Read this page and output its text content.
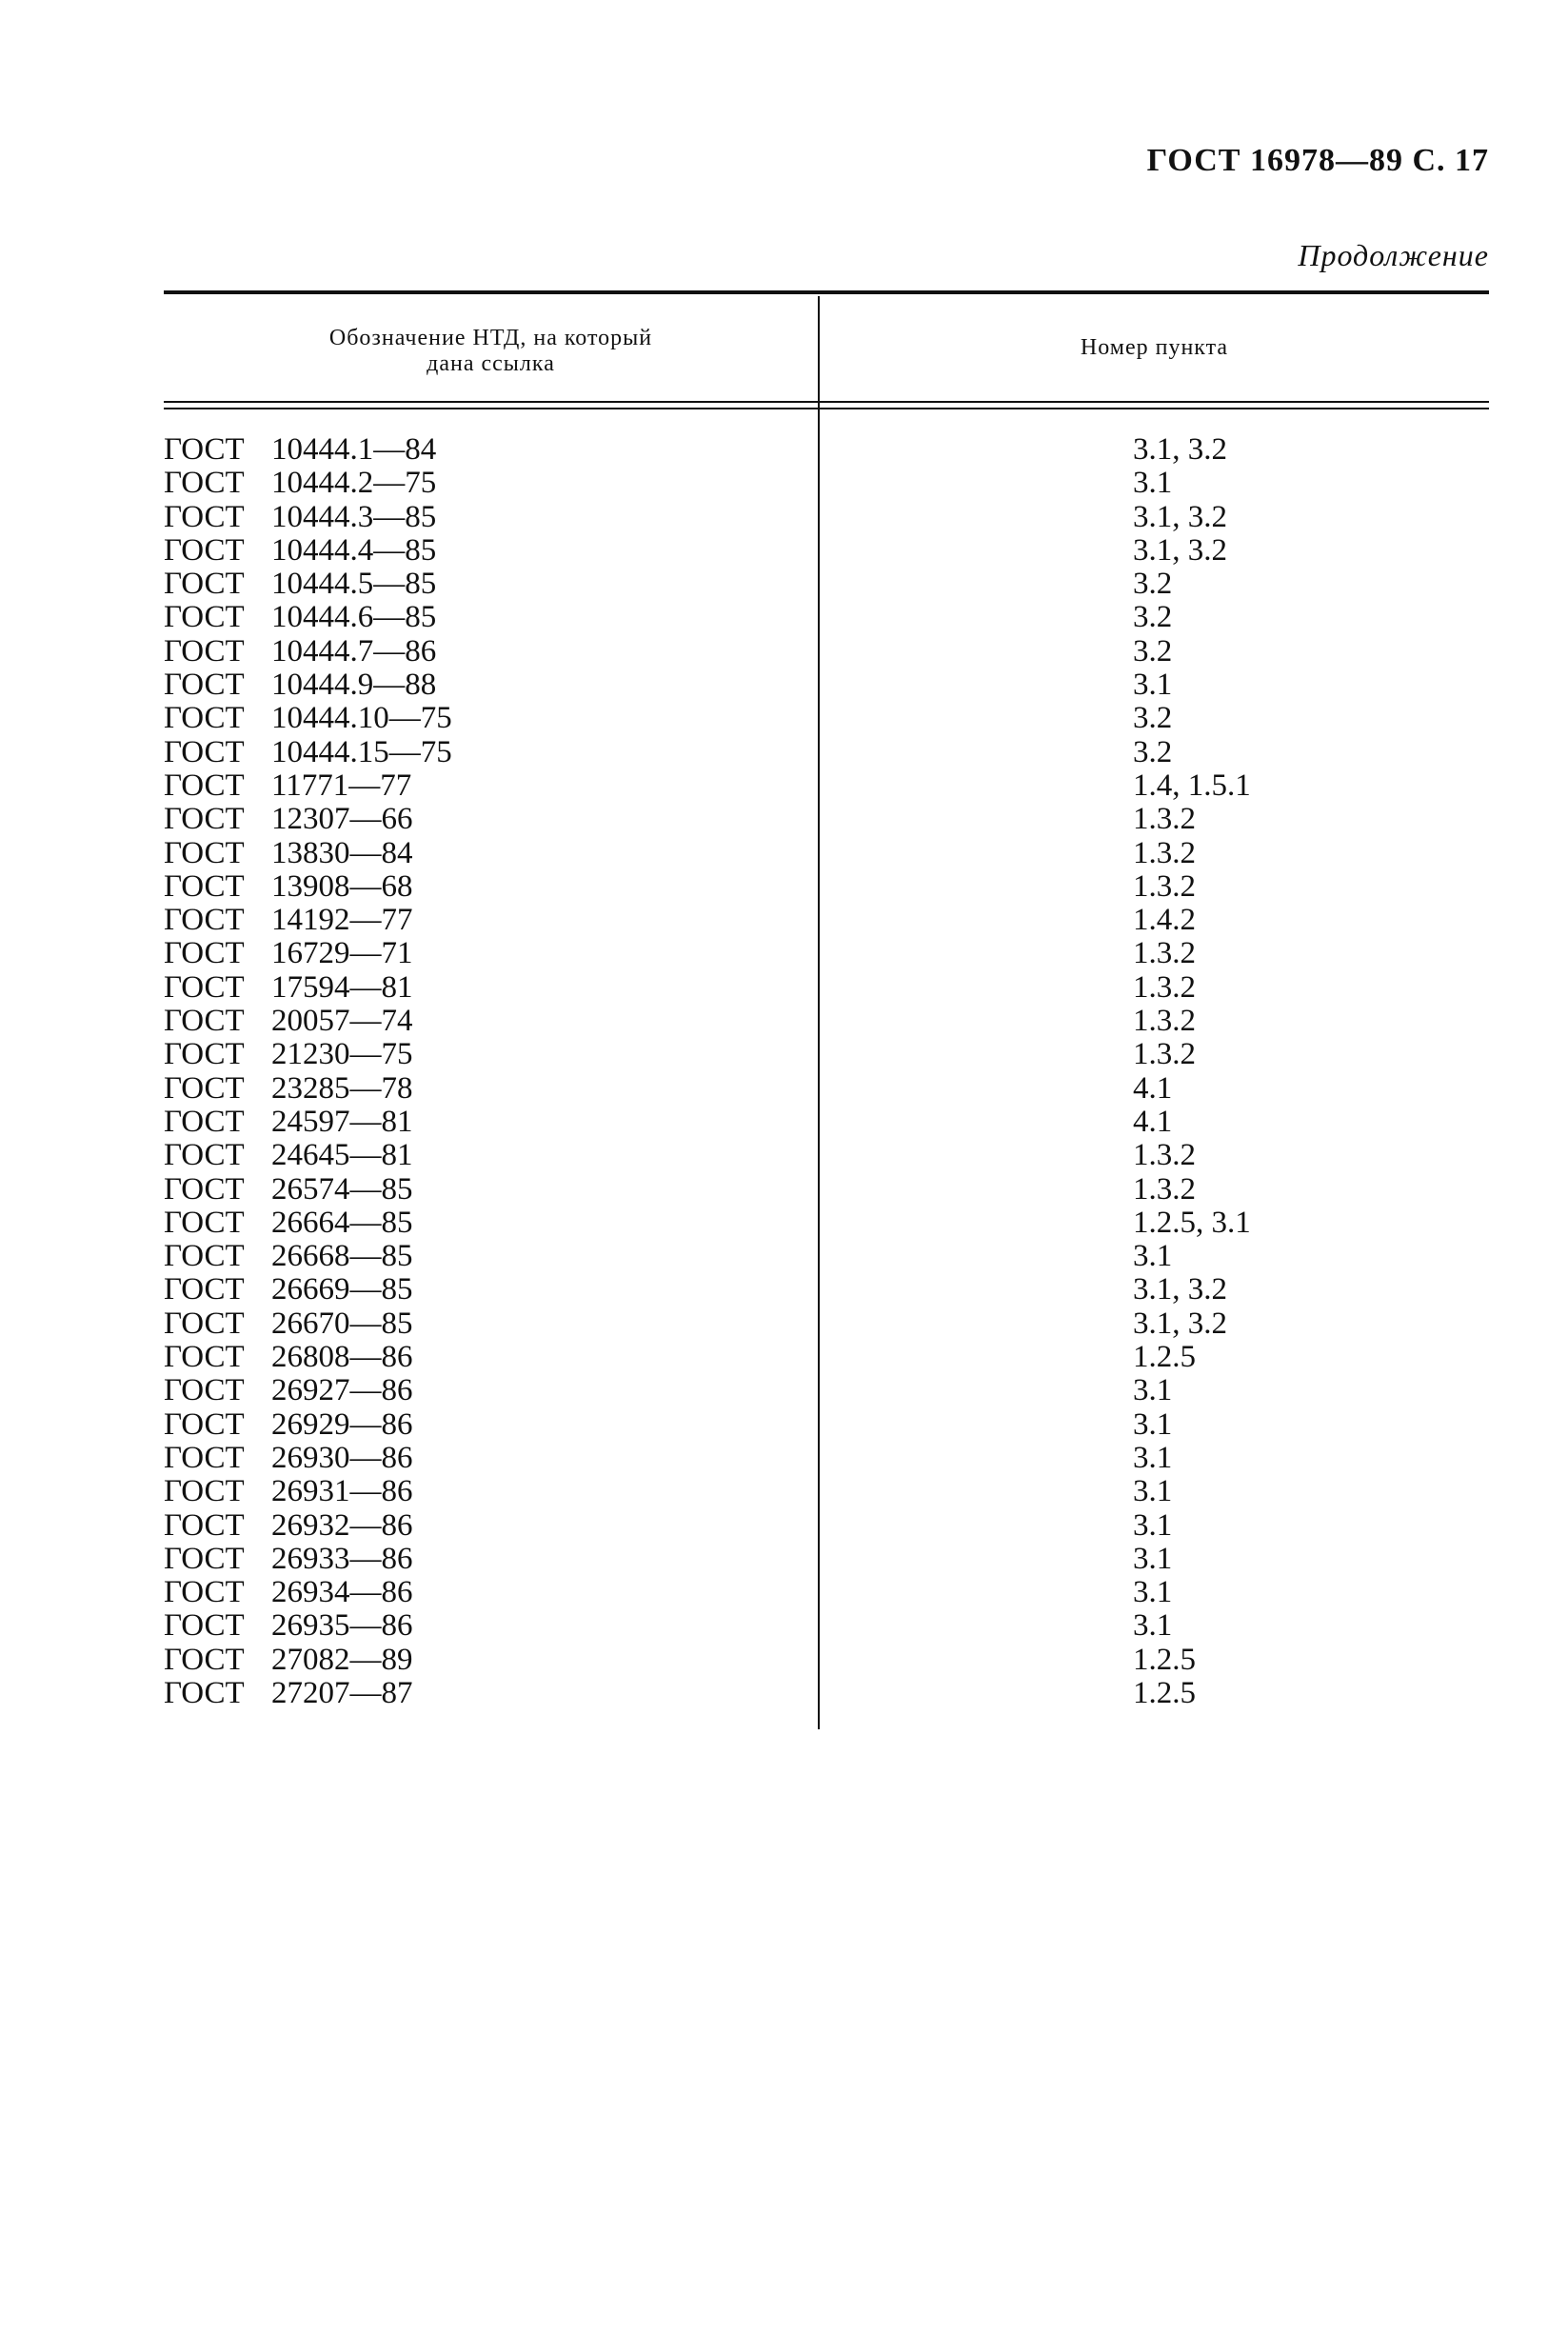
ГОСТ 16978—89 С. 17
Продолжение
Обозначение НТД, на который
дана ссылка
Номер пункта
ГОСТ 10444.1—84	3.1, 3.2
ГОСТ 10444.2—75	3.1
ГОСТ 10444.3—85	3.1, 3.2
ГОСТ 10444.4—85	3.1, 3.2
ГОСТ 10444.5—85	3.2
ГОСТ 10444.6—85	3.2
ГОСТ 10444.7—86	3.2
ГОСТ 10444.9—88	3.1
ГОСТ 10444.10—75	3.2
ГОСТ 10444.15—75	3.2
ГОСТ 11771—77	1.4, 1.5.1
ГОСТ 12307—66	1.3.2
ГОСТ 13830—84	1.3.2
ГОСТ 13908—68	1.3.2
ГОСТ 14192—77	1.4.2
ГОСТ 16729—71	1.3.2
ГОСТ 17594—81	1.3.2
ГОСТ 20057—74	1.3.2
ГОСТ 21230—75	1.3.2
ГОСТ 23285—78	4.1
ГОСТ 24597—81	4.1
ГОСТ 24645—81	1.3.2
ГОСТ 26574—85	1.3.2
ГОСТ 26664—85	1.2.5, 3.1
ГОСТ 26668—85	3.1
ГОСТ 26669—85	3.1, 3.2
ГОСТ 26670—85	3.1, 3.2
ГОСТ 26808—86	1.2.5
ГОСТ 26927—86	3.1
ГОСТ 26929—86	3.1
ГОСТ 26930—86	3.1
ГОСТ 26931—86	3.1
ГОСТ 26932—86	3.1
ГОСТ 26933—86	3.1
ГОСТ 26934—86	3.1
ГОСТ 26935—86	3.1
ГОСТ 27082—89	1.2.5
ГОСТ 27207—87	1.2.5
